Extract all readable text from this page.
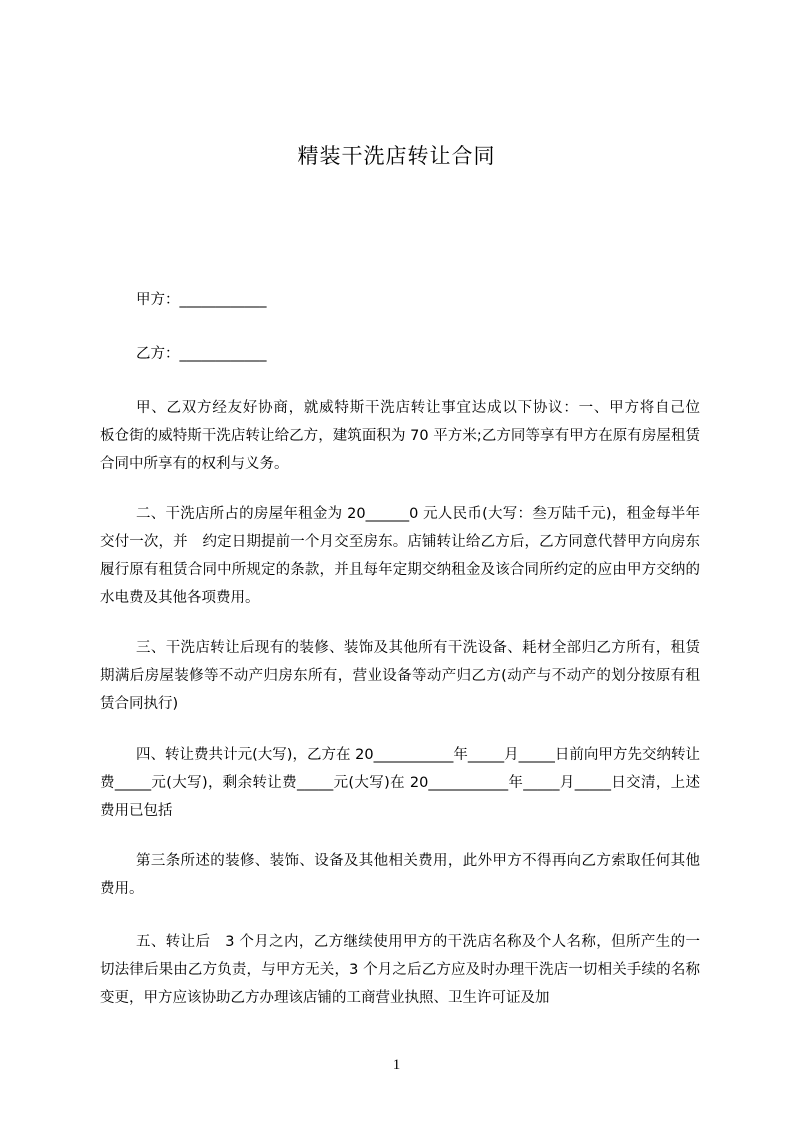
精装干洗店转让合同

甲方：____________

乙方：____________

甲、乙双方经友好协商，就威特斯干洗店转让事宜达成以下协议：一、甲方将自己位　板仓街的威特斯干洗店转让给乙方，建筑面积为 70 平方米;乙方同等享有甲方在原有房屋租赁合同中所享有的权利与义务。

二、干洗店所占的房屋年租金为 20______0 元人民币(大写：叁万陆千元)，租金每半年交付一次，并　约定日期提前一个月交至房东。店铺转让给乙方后，乙方同意代替甲方向房东履行原有租赁合同中所规定的条款，并且每年定期交纳租金及该合同所约定的应由甲方交纳的水电费及其他各项费用。

三、干洗店转让后现有的装修、装饰及其他所有干洗设备、耗材全部归乙方所有，租赁期满后房屋装修等不动产归房东所有，营业设备等动产归乙方(动产与不动产的划分按原有租赁合同执行)

四、转让费共计元(大写)，乙方在 20___________年_____月_____日前向甲方先交纳转让费_____元(大写)，剩余转让费_____元(大写)在 20___________年_____月_____日交清，上述费用已包括

第三条所述的装修、装饰、设备及其他相关费用，此外甲方不得再向乙方索取任何其他费用。

五、转让后　3 个月之内，乙方继续使用甲方的干洗店名称及个人名称，但所产生的一切法律后果由乙方负责，与甲方无关，3 个月之后乙方应及时办理干洗店一切相关手续的名称变更，甲方应该协助乙方办理该店铺的工商营业执照、卫生许可证及加

1
